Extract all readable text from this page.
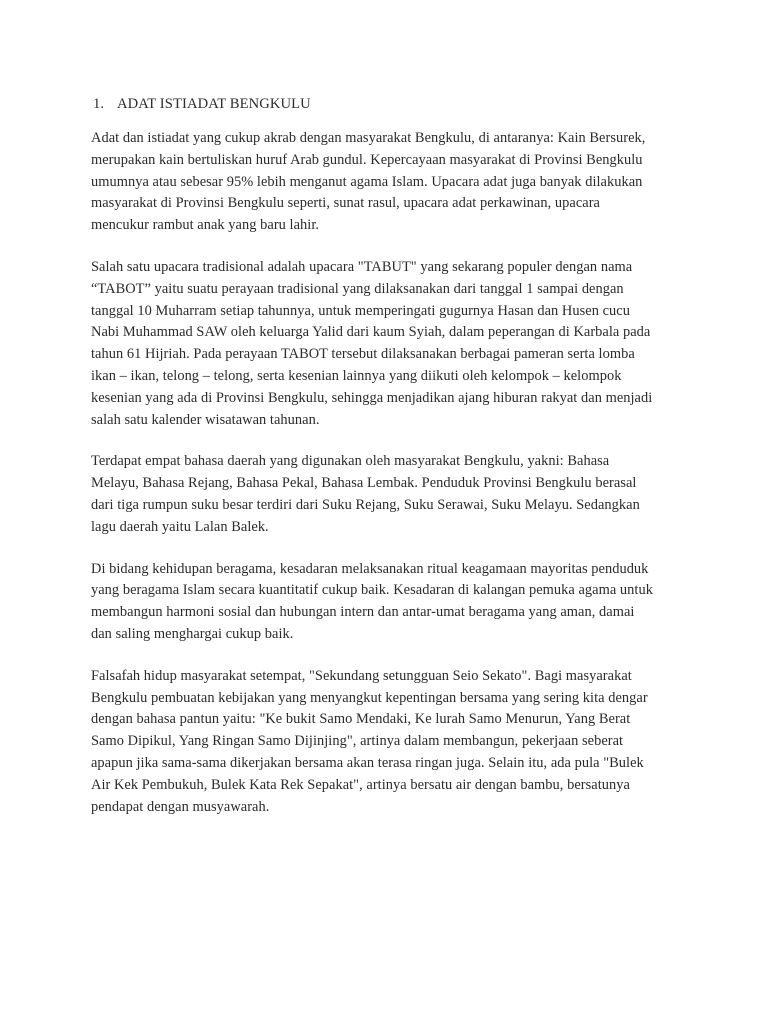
1. ADAT ISTIADAT BENGKULU

Adat dan istiadat yang cukup akrab dengan masyarakat Bengkulu, di antaranya: Kain Bersurek,
merupakan kain bertuliskan huruf Arab gundul. Kepercayaan masyarakat di Provinsi Bengkulu
umumnya atau sebesar 95% lebih menganut agama Islam. Upacara adat juga banyak dilakukan
masyarakat di Provinsi Bengkulu seperti, sunat rasul, upacara adat perkawinan, upacara
mencukur rambut anak yang baru lahir.

Salah satu upacara tradisional adalah upacara "TABUT" yang sekarang populer dengan nama
“TABOT” yaitu suatu perayaan tradisional yang dilaksanakan dari tanggal 1 sampai dengan
tanggal 10 Muharram setiap tahunnya, untuk memperingati gugurnya Hasan dan Husen cucu
Nabi Muhammad SAW oleh keluarga Yalid dari kaum Syiah, dalam peperangan di Karbala pada
tahun 61 Hijriah. Pada perayaan TABOT tersebut dilaksanakan berbagai pameran serta lomba
ikan – ikan, telong – telong, serta kesenian lainnya yang diikuti oleh kelompok – kelompok
kesenian yang ada di Provinsi Bengkulu, sehingga menjadikan ajang hiburan rakyat dan menjadi
salah satu kalender wisatawan tahunan.

Terdapat empat bahasa daerah yang digunakan oleh masyarakat Bengkulu, yakni: Bahasa
Melayu, Bahasa Rejang, Bahasa Pekal, Bahasa Lembak. Penduduk Provinsi Bengkulu berasal
dari tiga rumpun suku besar terdiri dari Suku Rejang, Suku Serawai, Suku Melayu. Sedangkan
lagu daerah yaitu Lalan Balek.

Di bidang kehidupan beragama, kesadaran melaksanakan ritual keagamaan mayoritas penduduk
yang beragama Islam secara kuantitatif cukup baik. Kesadaran di kalangan pemuka agama untuk
membangun harmoni sosial dan hubungan intern dan antar-umat beragama yang aman, damai
dan saling menghargai cukup baik.

Falsafah hidup masyarakat setempat, "Sekundang setungguan Seio Sekato". Bagi masyarakat
Bengkulu pembuatan kebijakan yang menyangkut kepentingan bersama yang sering kita dengar
dengan bahasa pantun yaitu: "Ke bukit Samo Mendaki, Ke lurah Samo Menurun, Yang Berat
Samo Dipikul, Yang Ringan Samo Dijinjing", artinya dalam membangun, pekerjaan seberat
apapun jika sama-sama dikerjakan bersama akan terasa ringan juga. Selain itu, ada pula "Bulek
Air Kek Pembukuh, Bulek Kata Rek Sepakat", artinya bersatu air dengan bambu, bersatunya
pendapat dengan musyawarah.
